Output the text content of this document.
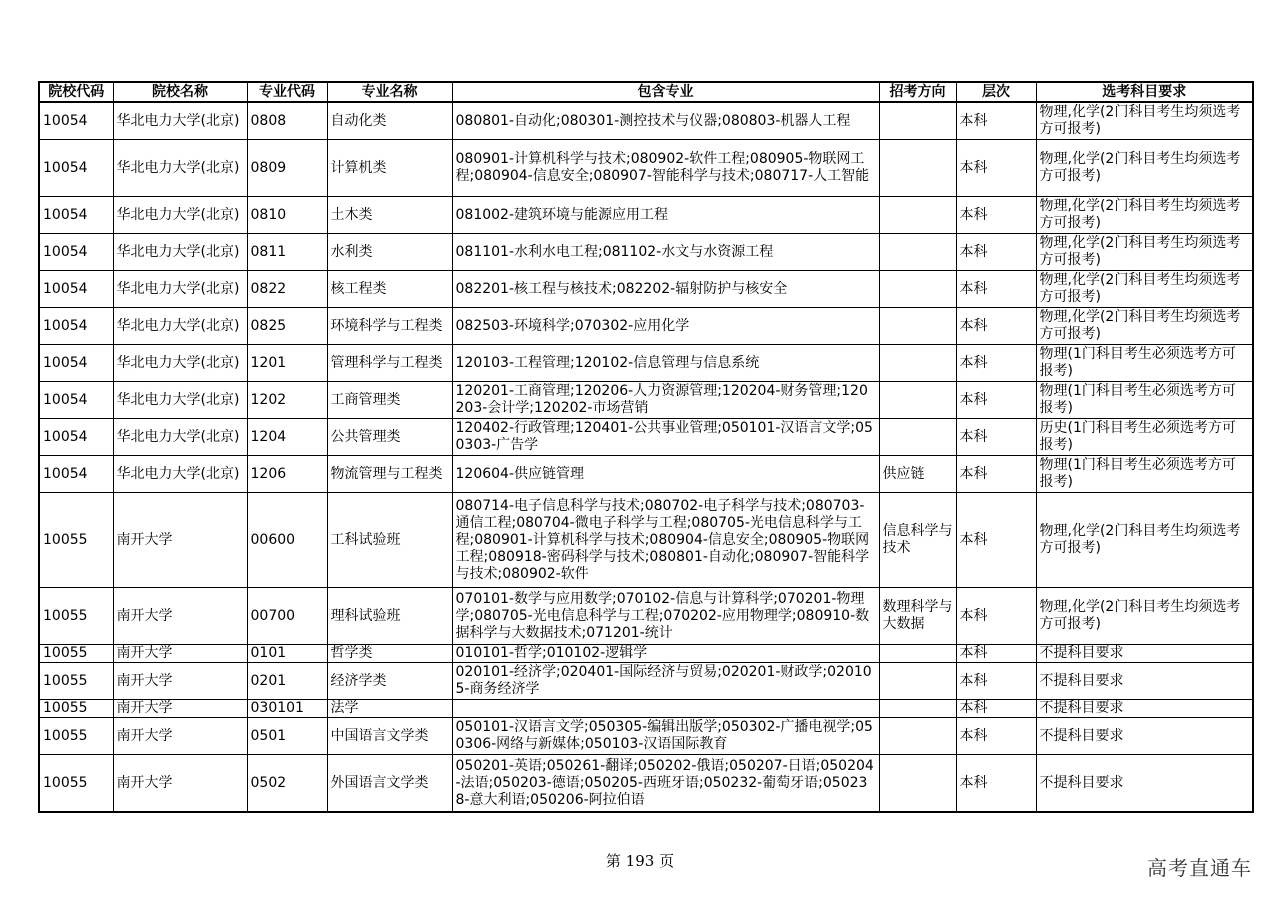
院校代码	院校名称	专业代码	专业名称	包含专业	招考方向	层次	选考科目要求
10054	华北电力大学(北京)	0808	自动化类	080801-自动化;080301-测控技术与仪器;080803-机器人工程		本科	物理,化学(2门科目考生均须选考方可报考)
10054	华北电力大学(北京)	0809	计算机类	080901-计算机科学与技术;080902-软件工程;080905-物联网工程;080904-信息安全;080907-智能科学与技术;080717-人工智能		本科	物理,化学(2门科目考生均须选考方可报考)
10054	华北电力大学(北京)	0810	土木类	081002-建筑环境与能源应用工程		本科	物理,化学(2门科目考生均须选考方可报考)
10054	华北电力大学(北京)	0811	水利类	081101-水利水电工程;081102-水文与水资源工程		本科	物理,化学(2门科目考生均须选考方可报考)
10054	华北电力大学(北京)	0822	核工程类	082201-核工程与核技术;082202-辐射防护与核安全		本科	物理,化学(2门科目考生均须选考方可报考)
10054	华北电力大学(北京)	0825	环境科学与工程类	082503-环境科学;070302-应用化学		本科	物理,化学(2门科目考生均须选考方可报考)
10054	华北电力大学(北京)	1201	管理科学与工程类	120103-工程管理;120102-信息管理与信息系统		本科	物理(1门科目考生必须选考方可报考)
10054	华北电力大学(北京)	1202	工商管理类	120201-工商管理;120206-人力资源管理;120204-财务管理;120203-会计学;120202-市场营销		本科	物理(1门科目考生必须选考方可报考)
10054	华北电力大学(北京)	1204	公共管理类	120402-行政管理;120401-公共事业管理;050101-汉语言文学;050303-广告学		本科	历史(1门科目考生必须选考方可报考)
10054	华北电力大学(北京)	1206	物流管理与工程类	120604-供应链管理	供应链	本科	物理(1门科目考生必须选考方可报考)
10055	南开大学	00600	工科试验班	080714-电子信息科学与技术;080702-电子科学与技术;080703-通信工程;080704-微电子科学与工程;080705-光电信息科学与工程;080901-计算机科学与技术;080904-信息安全;080905-物联网工程;080918-密码科学与技术;080801-自动化;080907-智能科学与技术;080902-软件	信息科学与技术	本科	物理,化学(2门科目考生均须选考方可报考)
10055	南开大学	00700	理科试验班	070101-数学与应用数学;070102-信息与计算科学;070201-物理学;080705-光电信息科学与工程;070202-应用物理学;080910-数据科学与大数据技术;071201-统计	数理科学与大数据	本科	物理,化学(2门科目考生均须选考方可报考)
10055	南开大学	0101	哲学类	010101-哲学;010102-逻辑学		本科	不提科目要求
10055	南开大学	0201	经济学类	020101-经济学;020401-国际经济与贸易;020201-财政学;020105-商务经济学		本科	不提科目要求
10055	南开大学	030101	法学			本科	不提科目要求
10055	南开大学	0501	中国语言文学类	050101-汉语言文学;050305-编辑出版学;050302-广播电视学;050306-网络与新媒体;050103-汉语国际教育		本科	不提科目要求
10055	南开大学	0502	外国语言文学类	050201-英语;050261-翻译;050202-俄语;050207-日语;050204-法语;050203-德语;050205-西班牙语;050232-葡萄牙语;050238-意大利语;050206-阿拉伯语		本科	不提科目要求
第 193 页	高考直通车
